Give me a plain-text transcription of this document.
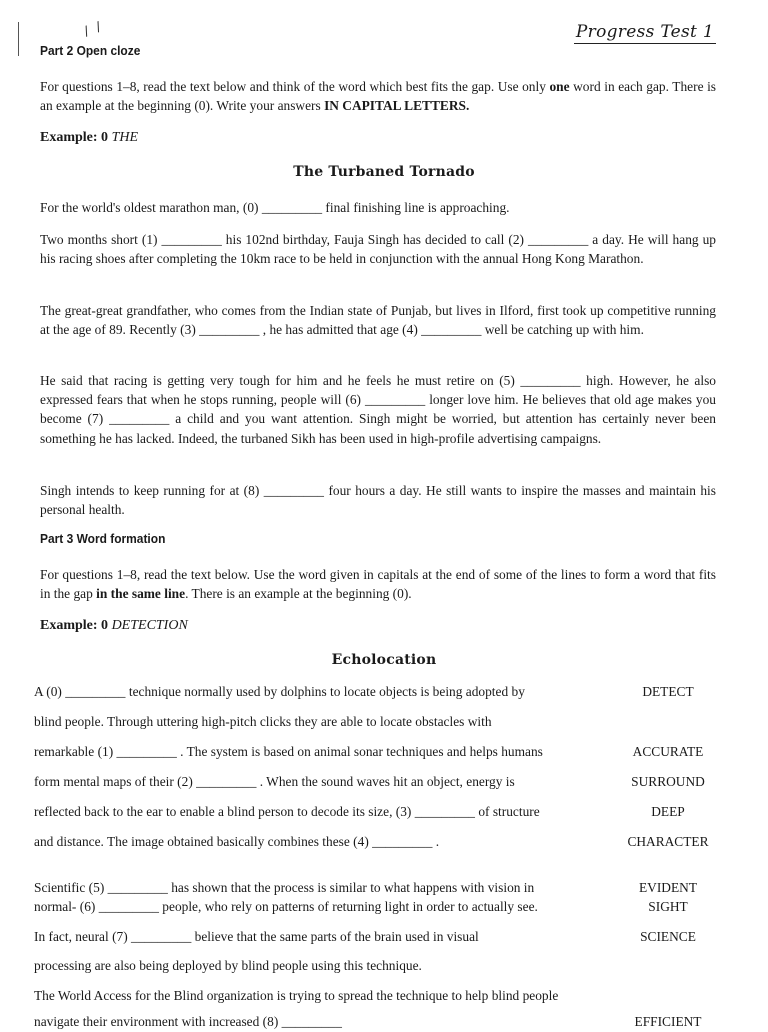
/  /	Progress Test 1
Part 2 Open cloze
For questions 1–8, read the text below and think of the word which best fits the gap. Use only one word in each gap. There is an example at the beginning (0). Write your answers IN CAPITAL LETTERS.
Example: 0 THE
The Turbaned Tornado
For the world's oldest marathon man, (0) _________ final finishing line is approaching.
Two months short (1) _________ his 102nd birthday, Fauja Singh has decided to call (2) _________ a day. He will hang up his racing shoes after completing the 10km race to be held in conjunction with the annual Hong Kong Marathon.
The great-great grandfather, who comes from the Indian state of Punjab, but lives in Ilford, first took up competitive running at the age of 89. Recently (3) _________ , he has admitted that age (4) _________ well be catching up with him.
He said that racing is getting very tough for him and he feels he must retire on (5) _________ high. However, he also expressed fears that when he stops running, people will (6) _________ longer love him. He believes that old age makes you become (7) _________ a child and you want attention. Singh might be worried, but attention has certainly never been something he has lacked. Indeed, the turbaned Sikh has been used in high-profile advertising campaigns.
Singh intends to keep running for at (8) _________ four hours a day. He still wants to inspire the masses and maintain his personal health.
Part 3 Word formation
For questions 1–8, read the text below. Use the word given in capitals at the end of some of the lines to form a word that fits in the gap in the same line. There is an example at the beginning (0).
Example: 0 DETECTION
Echolocation
A (0) _________ technique normally used by dolphins to locate objects is being adopted by	DETECT
blind people. Through uttering high-pitch clicks they are able to locate obstacles with
remarkable (1) _________ . The system is based on animal sonar techniques and helps humans	ACCURATE
form mental maps of their (2) _________ . When the sound waves hit an object, energy is	SURROUND
reflected back to the ear to enable a blind person to decode its size, (3) _________ of structure	DEEP
and distance. The image obtained basically combines these (4) _________ .	CHARACTER
Scientific (5) _________ has shown that the process is similar to what happens with vision in	EVIDENT
normal- (6) _________ people, who rely on patterns of returning light in order to actually see.	SIGHT
In fact, neural (7) _________ believe that the same parts of the brain used in visual	SCIENCE
processing are also being deployed by blind people using this technique.
The World Access for the Blind organization is trying to spread the technique to help blind people
navigate their environment with increased (8) _________	EFFICIENT
